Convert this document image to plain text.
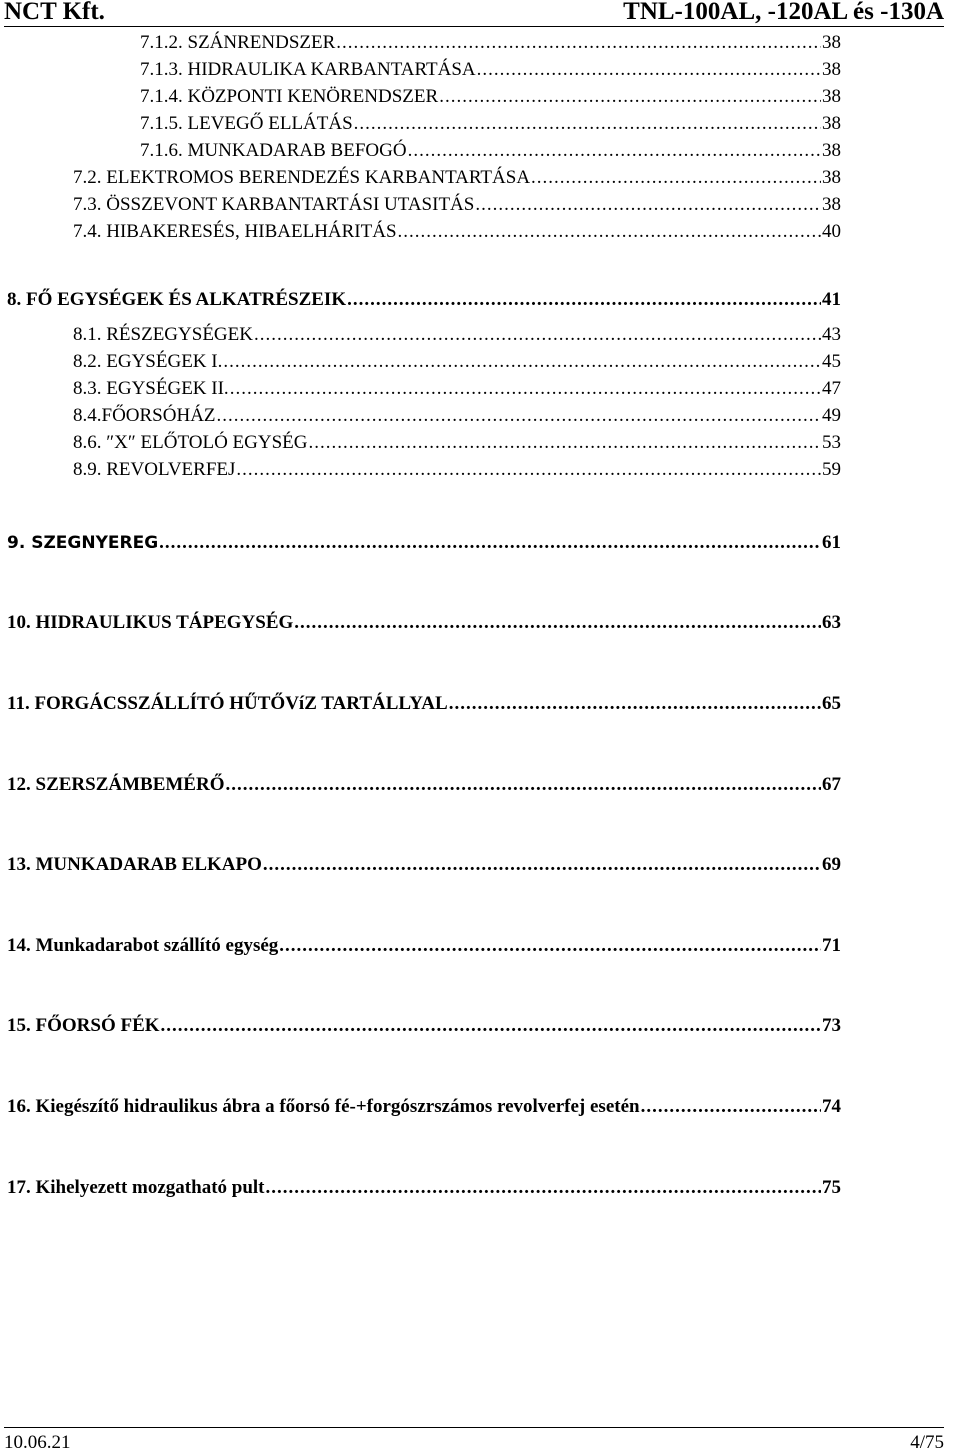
NCT Kft.	TNL-100AL, -120AL és -130A
7.1.2. SZÁNRENDSZER .....	38
7.1.3. HIDRAULIKA KARBANTARTÁSA .....	38
7.1.4. KÖZPONTI KENÖRENDSZER .....	38
7.1.5. LEVEGŐ ELLÁTÁS .....	38
7.1.6. MUNKADARAB BEFOGÓ .....	38
7.2. ELEKTROMOS BERENDEZÉS KARBANTARTÁSA .....	38
7.3. ÖSSZEVONT KARBANTARTÁSI UTASITÁS .....	38
7.4. HIBAKERESÉS, HIBAELHÁRITÁS .....	40
8. FŐ EGYSÉGEK ÉS ALKATRÉSZEIK .....	41
8.1. RÉSZEGYSÉGEK .....	43
8.2. EGYSÉGEK I. .....	45
8.3. EGYSÉGEK II. .....	47
8.4.FŐORSÓHÁZ .....	49
8.6. ″X″ ELŐTOLÓ EGYSÉG .....	53
8.9. REVOLVERFEJ .....	59
9. SZEGNYEREG .....	61
10. HIDRAULIKUS TÁPEGYSÉG .....	63
11. FORGÁCSSZÁLLÍTÓ HŰTŐVíZ TARTÁLLYAL .....	65
12. SZERSZÁMBEMÉRŐ .....	67
13. MUNKADARAB ELKAPO .....	69
14. Munkadarabot szállító egység .....	71
15. FŐORSÓ FÉK .....	73
16. Kiegészítő hidraulikus ábra a főorsó fé-+forgószrszámos revolverfej esetén .....	74
17. Kihelyezett mozgatható pult .....	75
10.06.21	4/75
